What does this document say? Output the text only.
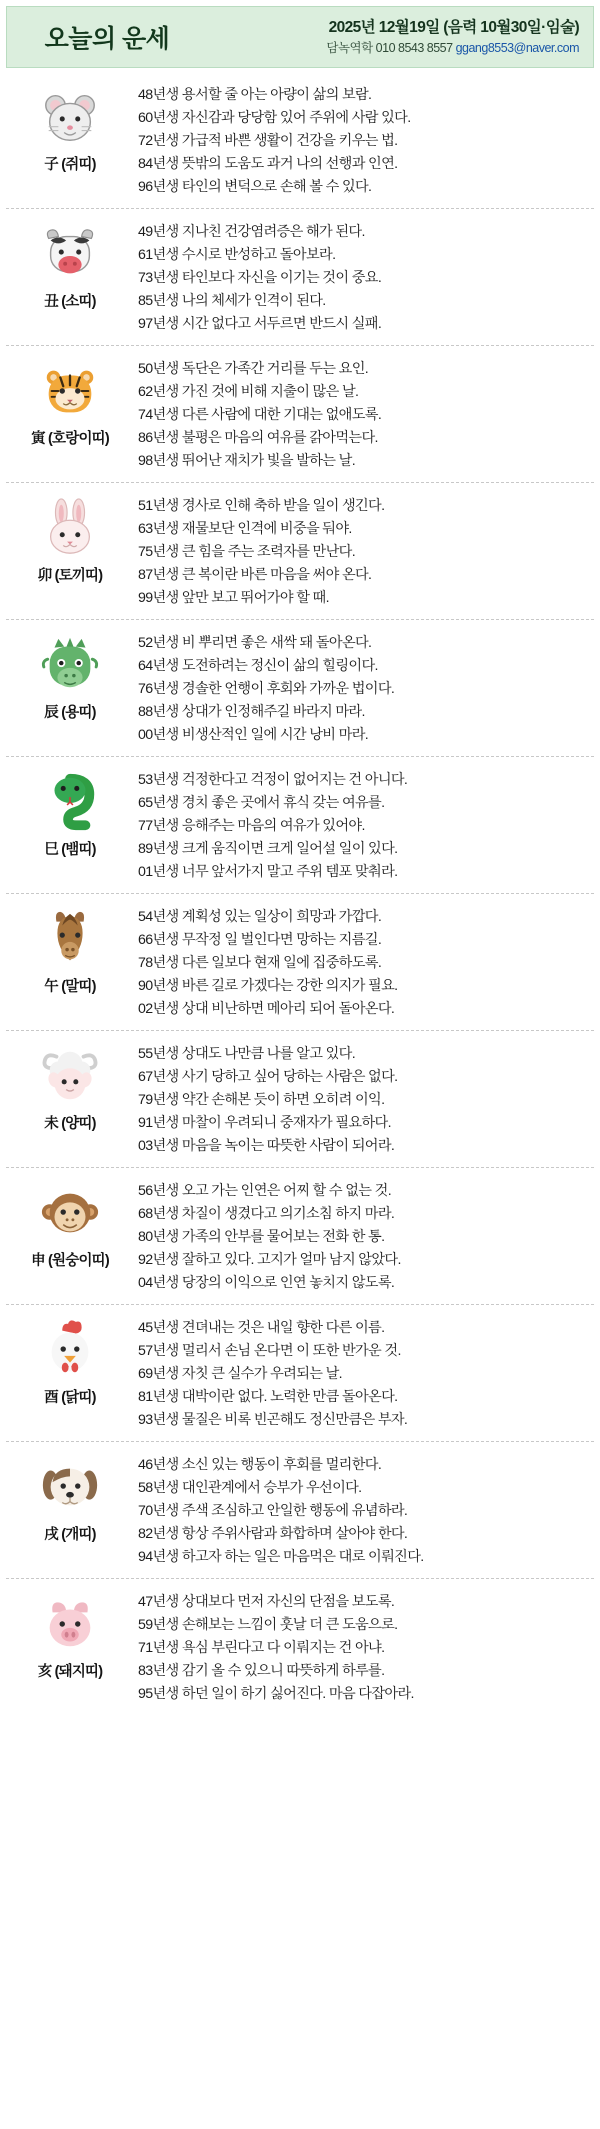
오늘의 운세	2025년 12월19일 (음력 10월30일·임술)
담녹역학 010 8543 8557 ggang8553@naver.com
子 (쥐띠)
48년생 용서할 줄 아는 아량이 삶의 보람.
60년생 자신감과 당당함 있어 주위에 사람 있다.
72년생 가급적 바쁜 생활이 건강을 키우는 법.
84년생 뜻밖의 도움도 과거 나의 선행과 인연.
96년생 타인의 변덕으로 손해 볼 수 있다.
丑 (소띠)
49년생 지나친 건강염려증은 해가 된다.
61년생 수시로 반성하고 돌아보라.
73년생 타인보다 자신을 이기는 것이 중요.
85년생 나의 체세가 인격이 된다.
97년생 시간 없다고 서두르면 반드시 실패.
寅 (호랑이띠)
50년생 독단은 가족간 거리를 두는 요인.
62년생 가진 것에 비해 지출이 많은 날.
74년생 다른 사람에 대한 기대는 없애도록.
86년생 불평은 마음의 여유를 갉아먹는다.
98년생 뛰어난 재치가 빛을 발하는 날.
卯 (토끼띠)
51년생 경사로 인해 축하 받을 일이 생긴다.
63년생 재물보단 인격에 비중을 둬야.
75년생 큰 힘을 주는 조력자를 만난다.
87년생 큰 복이란 바른 마음을 써야 온다.
99년생 앞만 보고 뛰어가야 할 때.
辰 (용띠)
52년생 비 뿌리면 좋은 새싹 돼 돌아온다.
64년생 도전하려는 정신이 삶의 힐링이다.
76년생 경솔한 언행이 후회와 가까운 법이다.
88년생 상대가 인정해주길 바라지 마라.
00년생 비생산적인 일에 시간 낭비 마라.
巳 (뱀띠)
53년생 걱정한다고 걱정이 없어지는 건 아니다.
65년생 경치 좋은 곳에서 휴식 갖는 여유를.
77년생 응해주는 마음의 여유가 있어야.
89년생 크게 움직이면 크게 일어설 일이 있다.
01년생 너무 앞서가지 말고 주위 템포 맞춰라.
午 (말띠)
54년생 계획성 있는 일상이 희망과 가깝다.
66년생 무작정 일 벌인다면 망하는 지름길.
78년생 다른 일보다 현재 일에 집중하도록.
90년생 바른 길로 가겠다는 강한 의지가 필요.
02년생 상대 비난하면 메아리 되어 돌아온다.
未 (양띠)
55년생 상대도 나만큼 나를 알고 있다.
67년생 사기 당하고 싶어 당하는 사람은 없다.
79년생 약간 손해본 듯이 하면 오히려 이익.
91년생 마찰이 우려되니 중재자가 필요하다.
03년생 마음을 녹이는 따뜻한 사람이 되어라.
申 (원숭이띠)
56년생 오고 가는 인연은 어찌 할 수 없는 것.
68년생 차질이 생겼다고 의기소침 하지 마라.
80년생 가족의 안부를 물어보는 전화 한 통.
92년생 잘하고 있다. 고지가 얼마 남지 않았다.
04년생 당장의 이익으로 인연 놓치지 않도록.
酉 (닭띠)
45년생 견뎌내는 것은 내일 향한 다른 이름.
57년생 멀리서 손님 온다면 이 또한 반가운 것.
69년생 자칫 큰 실수가 우려되는 날.
81년생 대박이란 없다. 노력한 만큼 돌아온다.
93년생 물질은 비록 빈곤해도 정신만큼은 부자.
戌 (개띠)
46년생 소신 있는 행동이 후회를 멀리한다.
58년생 대인관계에서 승부가 우선이다.
70년생 주색 조심하고 안일한 행동에 유념하라.
82년생 항상 주위사람과 화합하며 살아야 한다.
94년생 하고자 하는 일은 마음먹은 대로 이뤄진다.
亥 (돼지띠)
47년생 상대보다 먼저 자신의 단점을 보도록.
59년생 손해보는 느낌이 훗날 더 큰 도움으로.
71년생 욕심 부린다고 다 이뤄지는 건 아냐.
83년생 감기 올 수 있으니 따뜻하게 하루를.
95년생 하던 일이 하기 싫어진다. 마음 다잡아라.
